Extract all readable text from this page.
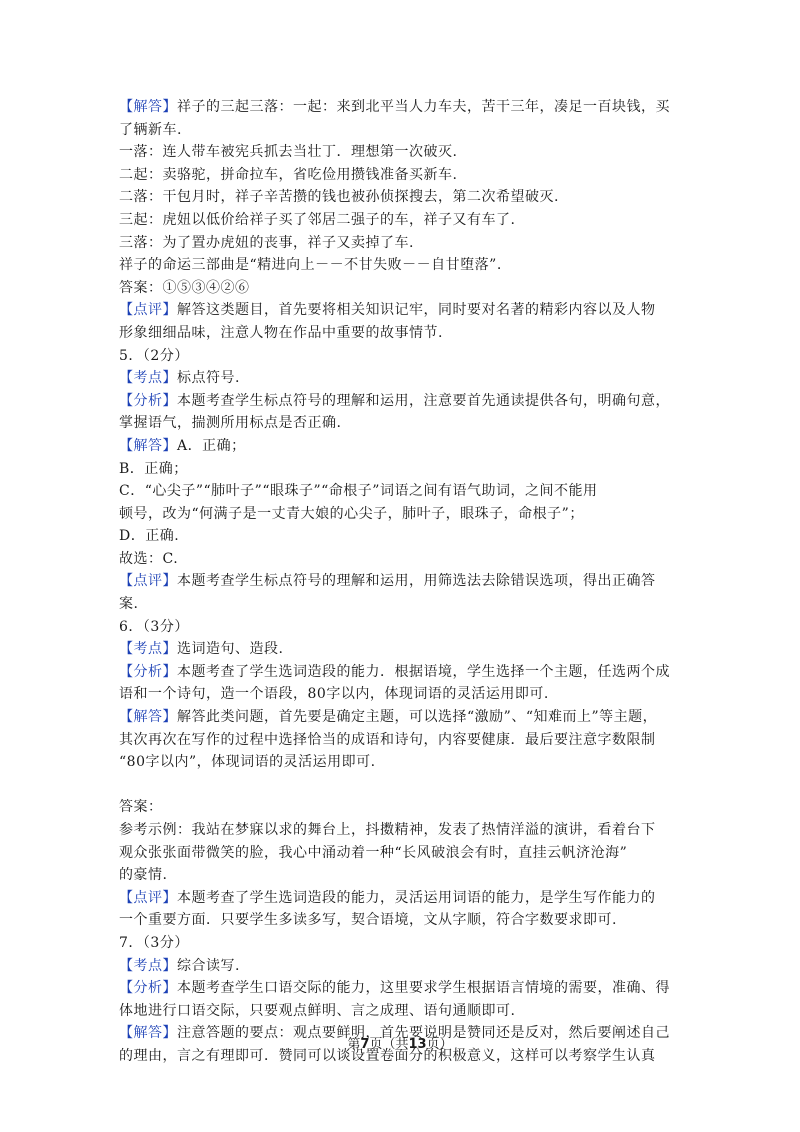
【解答】祥子的三起三落：一起：来到北平当人力车夫，苦干三年，凑足一百块钱，买
了辆新车.
一落：连人带车被宪兵抓去当壮丁．理想第一次破灭.
二起：卖骆驼，拼命拉车，省吃俭用攒钱准备买新车.
二落：干包月时，祥子辛苦攒的钱也被孙侦探搜去，第二次希望破灭.
三起：虎妞以低价给祥子买了邻居二强子的车，祥子又有车了.
三落：为了置办虎妞的丧事，祥子又卖掉了车.
祥子的命运三部曲是“精进向上－－不甘失败－－自甘堕落”.
答案：①⑤③④②⑥
【点评】解答这类题目，首先要将相关知识记牢，同时要对名著的精彩内容以及人物
形象细细品味，注意人物在作品中重要的故事情节.
5．（2分）
【考点】标点符号.
【分析】本题考查学生标点符号的理解和运用，注意要首先通读提供各句，明确句意，
掌握语气，揣测所用标点是否正确.
【解答】A．正确；
B．正确；
C．“心尖子”“肺叶子”“眼珠子”“命根子”词语之间有语气助词，之间不能用
顿号，改为“何满子是一丈青大娘的心尖子，肺叶子，眼珠子，命根子”；
D．正确.
故选：C.
【点评】本题考查学生标点符号的理解和运用，用筛选法去除错误选项，得出正确答
案.
6．（3分）
【考点】选词造句、造段.
【分析】本题考查了学生选词造段的能力．根据语境，学生选择一个主题，任选两个成
语和一个诗句，造一个语段，80字以内，体现词语的灵活运用即可.
【解答】解答此类问题，首先要是确定主题，可以选择“激励”、“知难而上”等主题，
其次再次在写作的过程中选择恰当的成语和诗句，内容要健康．最后要注意字数限制
“80字以内”，体现词语的灵活运用即可.
答案：
参考示例：我站在梦寐以求的舞台上，抖擞精神，发表了热情洋溢的演讲，看着台下
观众张张面带微笑的脸，我心中涌动着一种“长风破浪会有时，直挂云帆济沧海”
的豪情.
【点评】本题考查了学生选词造段的能力，灵活运用词语的能力，是学生写作能力的
一个重要方面．只要学生多读多写，契合语境，文从字顺，符合字数要求即可.
7．（3分）
【考点】综合读写.
【分析】本题考查学生口语交际的能力，这里要求学生根据语言情境的需要，准确、得
体地进行口语交际，只要观点鲜明、言之成理、语句通顺即可.
【解答】注意答题的要点：观点要鲜明，首先要说明是赞同还是反对，然后要阐述自己
的理由，言之有理即可．赞同可以谈设置卷面分的积极意义，这样可以考察学生认真
第7页（共13页）
